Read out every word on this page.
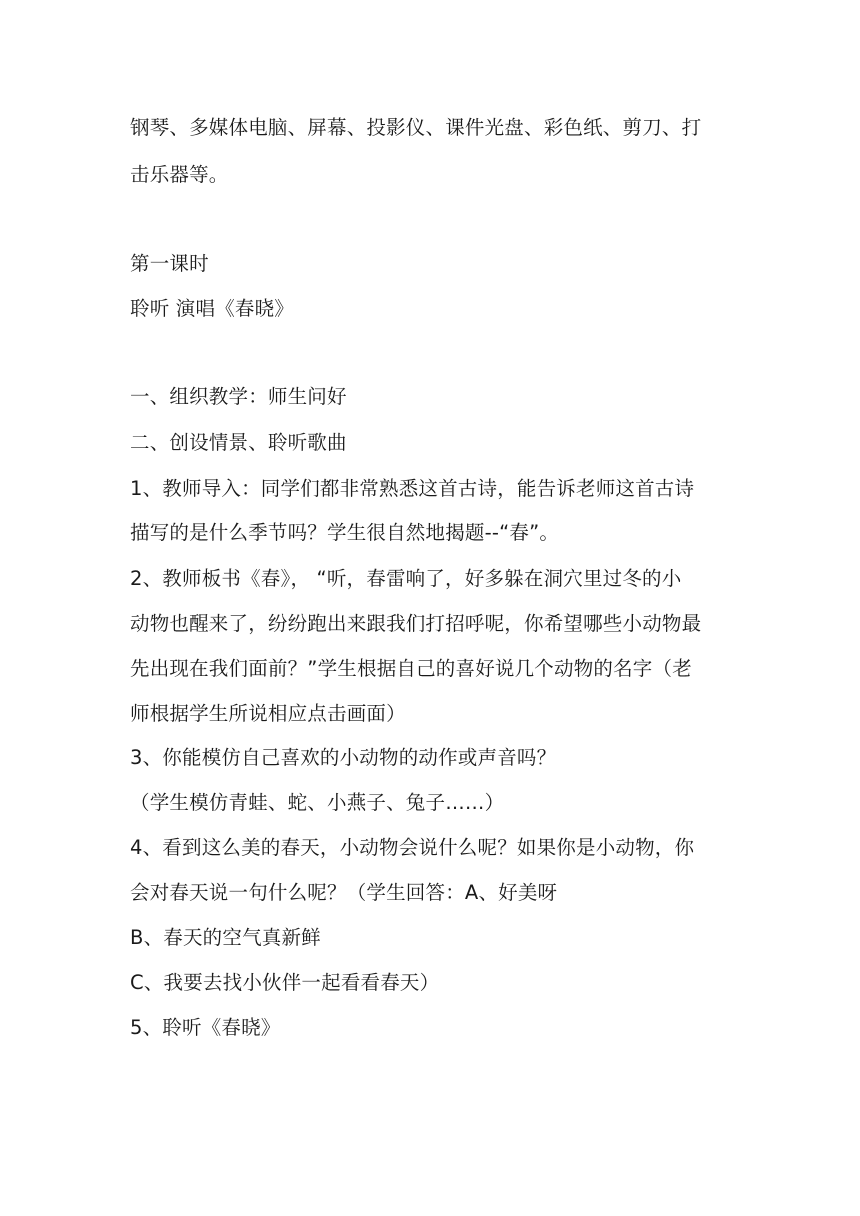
钢琴、多媒体电脑、屏幕、投影仪、课件光盘、彩色纸、剪刀、打
击乐器等。
第一课时
聆听 演唱《春晓》
一、组织教学：师生问好
二、创设情景、聆听歌曲
1、教师导入：同学们都非常熟悉这首古诗，能告诉老师这首古诗
描写的是什么季节吗？学生很自然地揭题--“春”。
2、教师板书《春》， “听，春雷响了，好多躲在洞穴里过冬的小
动物也醒来了，纷纷跑出来跟我们打招呼呢，你希望哪些小动物最
先出现在我们面前？”学生根据自己的喜好说几个动物的名字（老
师根据学生所说相应点击画面）
3、你能模仿自己喜欢的小动物的动作或声音吗？
（学生模仿青蛙、蛇、小燕子、兔子……）
4、看到这么美的春天，小动物会说什么呢？如果你是小动物，你
会对春天说一句什么呢？（学生回答：A、好美呀
B、春天的空气真新鲜
C、我要去找小伙伴一起看看春天）
5、聆听《春晓》
